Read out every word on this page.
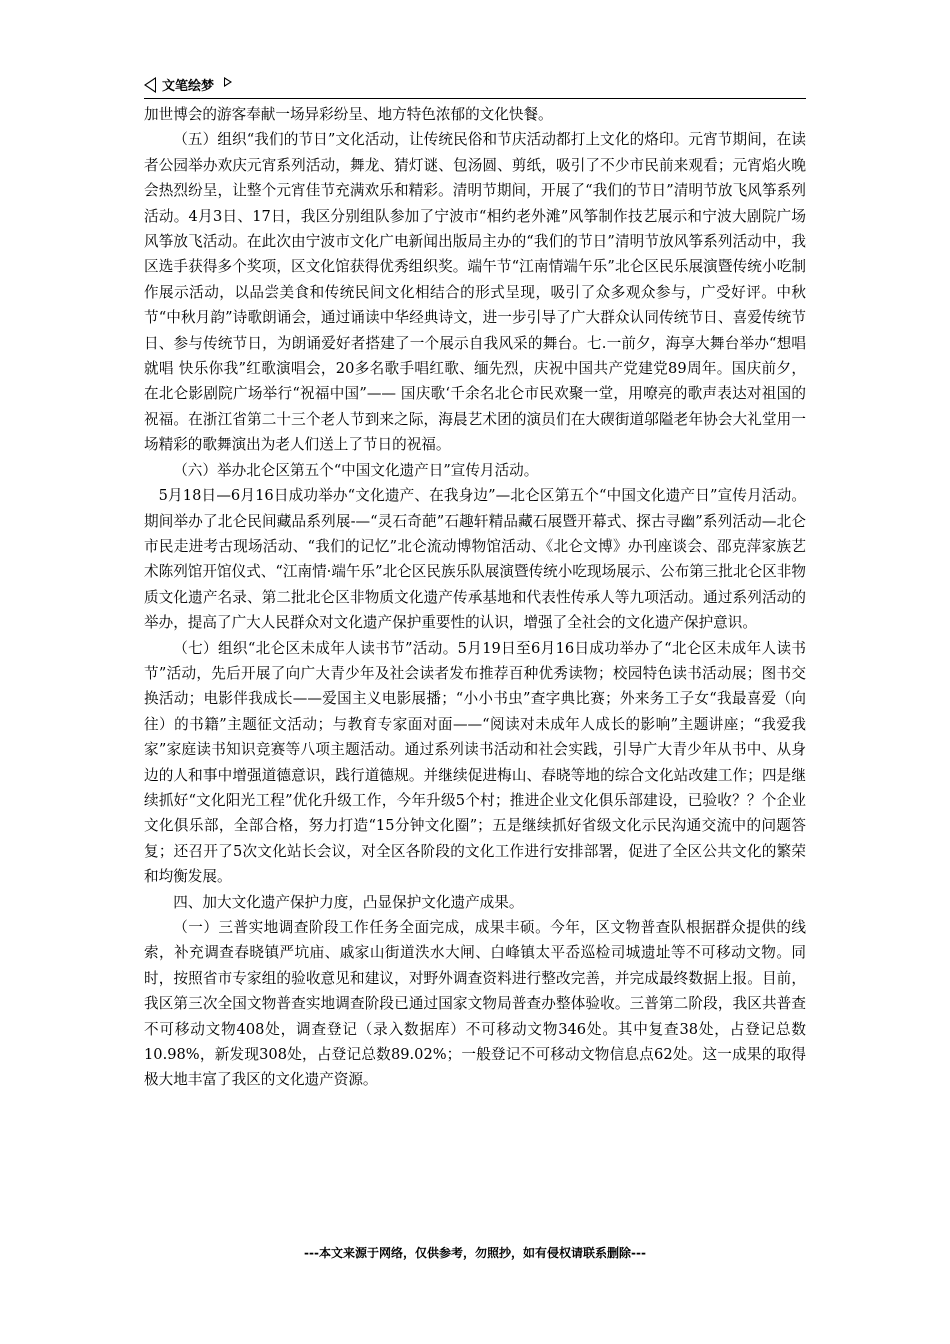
文笔绘梦

加世博会的游客奉献一场异彩纷呈、地方特色浓郁的文化快餐。

（五）组织“我们的节日”文化活动，让传统民俗和节庆活动都打上文化的烙印。元宵节期间，在读者公园举办欢庆元宵系列活动，舞龙、猜灯谜、包汤圆、剪纸，吸引了不少市民前来观看；元宵焰火晚会热烈纷呈，让整个元宵佳节充满欢乐和精彩。清明节期间，开展了“我们的节日”清明节放飞风筝系列活动。4月3日、17日，我区分别组队参加了宁波市“相约老外滩”风筝制作技艺展示和宁波大剧院广场风筝放飞活动。在此次由宁波市文化广电新闻出版局主办的“我们的节日”清明节放风筝系列活动中，我区选手获得多个奖项，区文化馆获得优秀组织奖。端午节“江南情端午乐”北仑区民乐展演暨传统小吃制作展示活动，以品尝美食和传统民间文化相结合的形式呈现，吸引了众多观众参与，广受好评。中秋节“中秋月韵”诗歌朗诵会，通过诵读中华经典诗文，进一步引导了广大群众认同传统节日、喜爱传统节日、参与传统节日，为朗诵爱好者搭建了一个展示自我风采的舞台。七.一前夕，海享大舞台举办“想唱就唱 快乐你我”红歌演唱会，20多名歌手唱红歌、缅先烈，庆祝中国共产党建党89周年。国庆前夕，在北仑影剧院广场举行“祝福中国”—— 国庆歌‘千余名北仑市民欢聚一堂，用嘹亮的歌声表达对祖国的祝福。在浙江省第二十三个老人节到来之际，海晨艺术团的演员们在大碶街道邬隘老年协会大礼堂用一场精彩的歌舞演出为老人们送上了节日的祝福。

（六）举办北仑区第五个“中国文化遗产日”宣传月活动。

5月18日—6月16日成功举办“文化遗产、在我身边”—北仑区第五个“中国文化遗产日”宣传月活动。期间举办了北仑民间藏品系列展-—“灵石奇葩”石趣轩精品藏石展暨开幕式、探古寻幽”系列活动—北仑市民走进考古现场活动、“我们的记忆”北仑流动博物馆活动、《北仑文博》办刊座谈会、邵克萍家族艺术陈列馆开馆仪式、“江南情·端午乐”北仑区民族乐队展演暨传统小吃现场展示、公布第三批北仑区非物质文化遗产名录、第二批北仑区非物质文化遗产传承基地和代表性传承人等九项活动。通过系列活动的举办，提高了广大人民群众对文化遗产保护重要性的认识，增强了全社会的文化遗产保护意识。

（七）组织“北仑区未成年人读书节”活动。5月19日至6月16日成功举办了“北仑区未成年人读书节”活动，先后开展了向广大青少年及社会读者发布推荐百种优秀读物；校园特色读书活动展；图书交换活动；电影伴我成长——爱国主义电影展播；“小小书虫”查字典比赛；外来务工子女“我最喜爱（向往）的书籍”主题征文活动；与教育专家面对面——“阅读对未成年人成长的影响”主题讲座；“我爱我家”家庭读书知识竞赛等八项主题活动。通过系列读书活动和社会实践，引导广大青少年从书中、从身边的人和事中增强道德意识，践行道德规。并继续促进梅山、春晓等地的综合文化站改建工作；四是继续抓好“文化阳光工程”优化升级工作，今年升级5个村；推进企业文化俱乐部建设，已验收？？个企业文化俱乐部，全部合格，努力打造“15分钟文化圈”；五是继续抓好省级文化示民沟通交流中的问题答复；还召开了5次文化站长会议，对全区各阶段的文化工作进行安排部署，促进了全区公共文化的繁荣和均衡发展。

四、加大文化遗产保护力度，凸显保护文化遗产成果。

（一）三普实地调查阶段工作任务全面完成，成果丰硕。今年，区文物普查队根据群众提供的线索，补充调查春晓镇严坑庙、戚家山街道泆水大闸、白峰镇太平岙巡检司城遗址等不可移动文物。同时，按照省市专家组的验收意见和建议，对野外调查资料进行整改完善，并完成最终数据上报。目前，我区第三次全国文物普查实地调查阶段已通过国家文物局普查办整体验收。三普第二阶段，我区共普查不可移动文物408处，调查登记（录入数据库）不可移动文物346处。其中复查38处，占登记总数10.98%，新发现308处，占登记总数89.02%；一般登记不可移动文物信息点62处。这一成果的取得极大地丰富了我区的文化遗产资源。

---本文来源于网络，仅供参考，勿照抄，如有侵权请联系删除---
